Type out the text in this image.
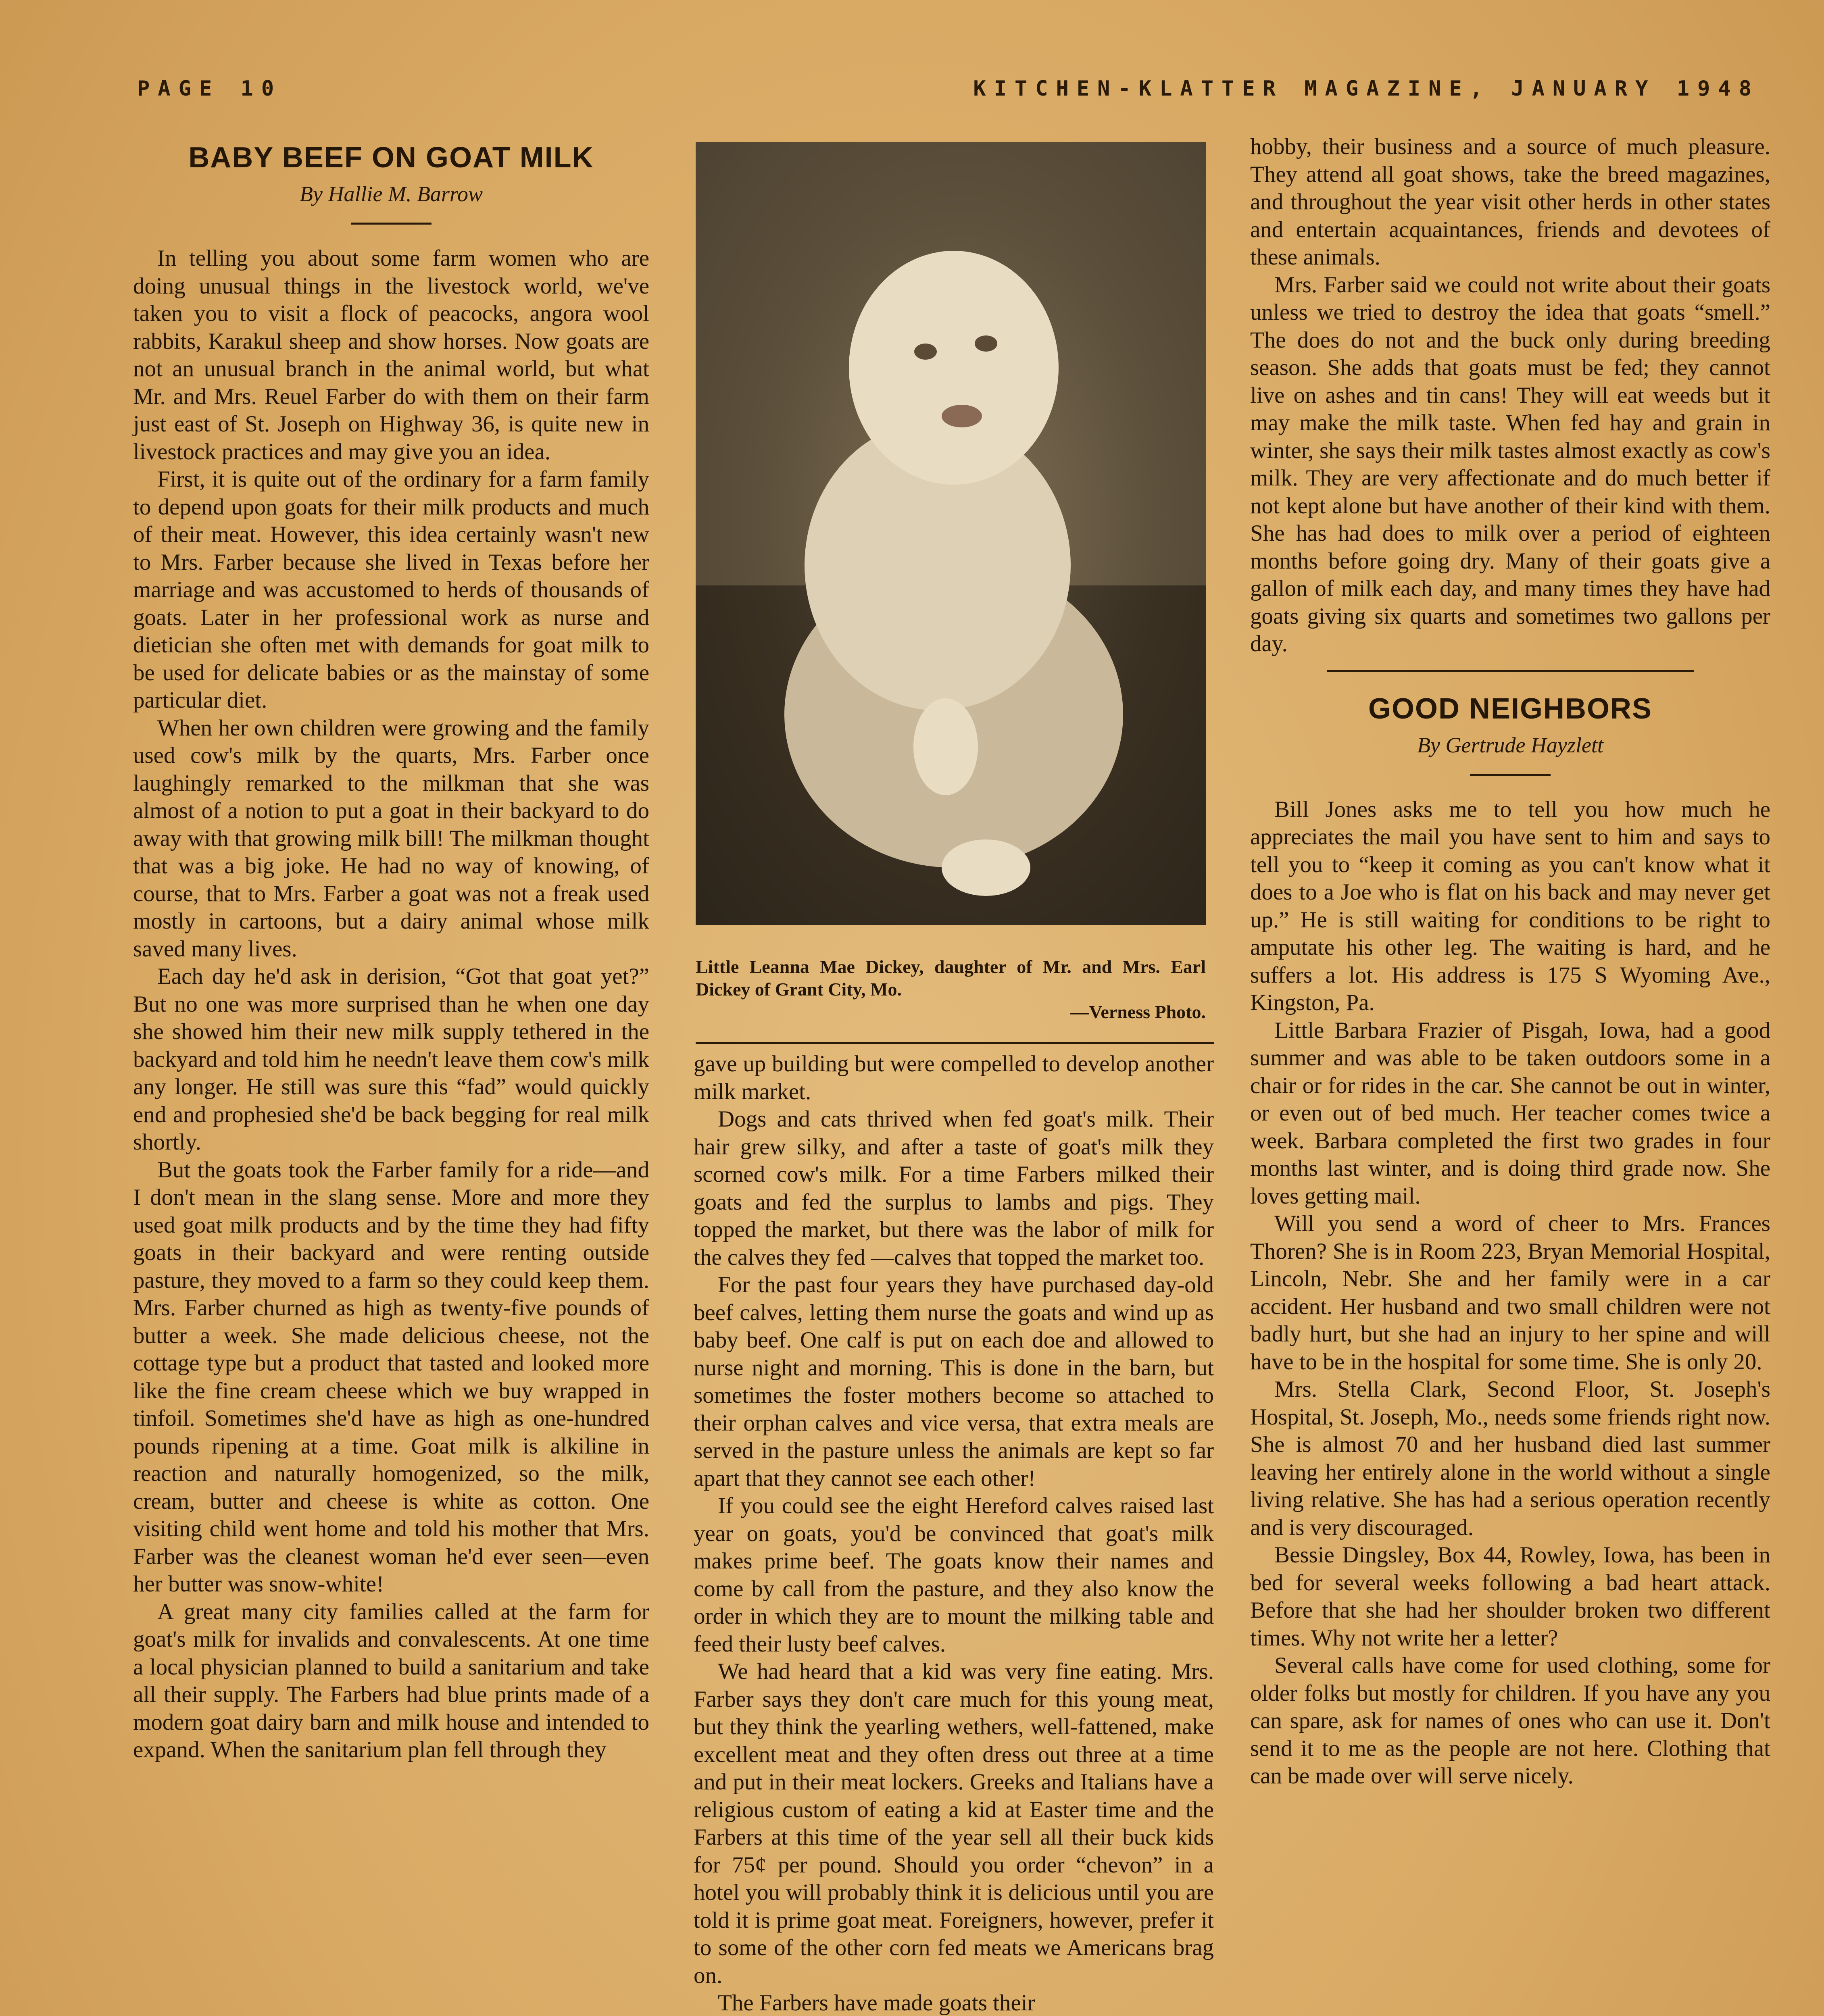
PAGE 10	KITCHEN-KLATTER MAGAZINE, JANUARY 1948
BABY BEEF ON GOAT MILK
By Hallie M. Barrow

In telling you about some farm women who are doing unusual things in the livestock world, we've taken you to visit a flock of peacocks, angora wool rabbits, Karakul sheep and show horses. Now goats are not an unusual branch in the animal world, but what Mr. and Mrs. Reuel Farber do with them on their farm just east of St. Joseph on Highway 36, is quite new in livestock practices and may give you an idea.

First, it is quite out of the ordinary for a farm family to depend upon goats for their milk products and much of their meat. However, this idea certainly wasn't new to Mrs. Farber because she lived in Texas before her marriage and was accustomed to herds of thousands of goats. Later in her professional work as nurse and dietician she often met with demands for goat milk to be used for delicate babies or as the mainstay of some particular diet.

When her own children were growing and the family used cow's milk by the quarts, Mrs. Farber once laughingly remarked to the milkman that she was almost of a notion to put a goat in their backyard to do away with that growing milk bill! The milkman thought that was a big joke. He had no way of knowing, of course, that to Mrs. Farber a goat was not a freak used mostly in cartoons, but a dairy animal whose milk saved many lives.

Each day he'd ask in derision, “Got that goat yet?” But no one was more surprised than he when one day she showed him their new milk supply tethered in the backyard and told him he needn't leave them cow's milk any longer. He still was sure this “fad” would quickly end and prophesied she'd be back begging for real milk shortly.

But the goats took the Farber family for a ride—and I don't mean in the slang sense. More and more they used goat milk products and by the time they had fifty goats in their backyard and were renting outside pasture, they moved to a farm so they could keep them. Mrs. Farber churned as high as twenty-five pounds of butter a week. She made delicious cheese, not the cottage type but a product that tasted and looked more like the fine cream cheese which we buy wrapped in tinfoil. Sometimes she'd have as high as one-hundred pounds ripening at a time. Goat milk is alkiline in reaction and naturally homogenized, so the milk, cream, butter and cheese is white as cotton. One visiting child went home and told his mother that Mrs. Farber was the cleanest woman he'd ever seen—even her butter was snow-white!

A great many city families called at the farm for goat's milk for invalids and convalescents. At one time a local physician planned to build a sanitarium and take all their supply. The Farbers had blue prints made of a modern goat dairy barn and milk house and intended to expand. When the sanitarium plan fell through they

Little Leanna Mae Dickey, daughter of Mr. and Mrs. Earl Dickey of Grant City, Mo.
—Verness Photo.

gave up building but were compelled to develop another milk market.

Dogs and cats thrived when fed goat's milk. Their hair grew silky, and after a taste of goat's milk they scorned cow's milk. For a time Farbers milked their goats and fed the surplus to lambs and pigs. They topped the market, but there was the labor of milk for the calves they fed —calves that topped the market too.

For the past four years they have purchased day-old beef calves, letting them nurse the goats and wind up as baby beef. One calf is put on each doe and allowed to nurse night and morning. This is done in the barn, but sometimes the foster mothers become so attached to their orphan calves and vice versa, that extra meals are served in the pasture unless the animals are kept so far apart that they cannot see each other!

If you could see the eight Hereford calves raised last year on goats, you'd be convinced that goat's milk makes prime beef. The goats know their names and come by call from the pasture, and they also know the order in which they are to mount the milking table and feed their lusty beef calves.

We had heard that a kid was very fine eating. Mrs. Farber says they don't care much for this young meat, but they think the yearling wethers, well-fattened, make excellent meat and they often dress out three at a time and put in their meat lockers. Greeks and Italians have a religious custom of eating a kid at Easter time and the Farbers at this time of the year sell all their buck kids for 75¢ per pound. Should you order “chevon” in a hotel you will probably think it is delicious until you are told it is prime goat meat. Foreigners, however, prefer it to some of the other corn fed meats we Americans brag on.

The Farbers have made goats their

hobby, their business and a source of much pleasure. They attend all goat shows, take the breed magazines, and throughout the year visit other herds in other states and entertain acquaintances, friends and devotees of these animals.

Mrs. Farber said we could not write about their goats unless we tried to destroy the idea that goats “smell.” The does do not and the buck only during breeding season. She adds that goats must be fed; they cannot live on ashes and tin cans! They will eat weeds but it may make the milk taste. When fed hay and grain in winter, she says their milk tastes almost exactly as cow's milk. They are very affectionate and do much better if not kept alone but have another of their kind with them. She has had does to milk over a period of eighteen months before going dry. Many of their goats give a gallon of milk each day, and many times they have had goats giving six quarts and sometimes two gallons per day.

GOOD NEIGHBORS
By Gertrude Hayzlett

Bill Jones asks me to tell you how much he appreciates the mail you have sent to him and says to tell you to “keep it coming as you can't know what it does to a Joe who is flat on his back and may never get up.” He is still waiting for conditions to be right to amputate his other leg. The waiting is hard, and he suffers a lot. His address is 175 S Wyoming Ave., Kingston, Pa.

Little Barbara Frazier of Pisgah, Iowa, had a good summer and was able to be taken outdoors some in a chair or for rides in the car. She cannot be out in winter, or even out of bed much. Her teacher comes twice a week. Barbara completed the first two grades in four months last winter, and is doing third grade now. She loves getting mail.

Will you send a word of cheer to Mrs. Frances Thoren? She is in Room 223, Bryan Memorial Hospital, Lincoln, Nebr. She and her family were in a car accident. Her husband and two small children were not badly hurt, but she had an injury to her spine and will have to be in the hospital for some time. She is only 20.

Mrs. Stella Clark, Second Floor, St. Joseph's Hospital, St. Joseph, Mo., needs some friends right now. She is almost 70 and her husband died last summer leaving her entirely alone in the world without a single living relative. She has had a serious operation recently and is very discouraged.

Bessie Dingsley, Box 44, Rowley, Iowa, has been in bed for several weeks following a bad heart attack. Before that she had her shoulder broken two different times. Why not write her a letter?

Several calls have come for used clothing, some for older folks but mostly for children. If you have any you can spare, ask for names of ones who can use it. Don't send it to me as the people are not here. Clothing that can be made over will serve nicely.
